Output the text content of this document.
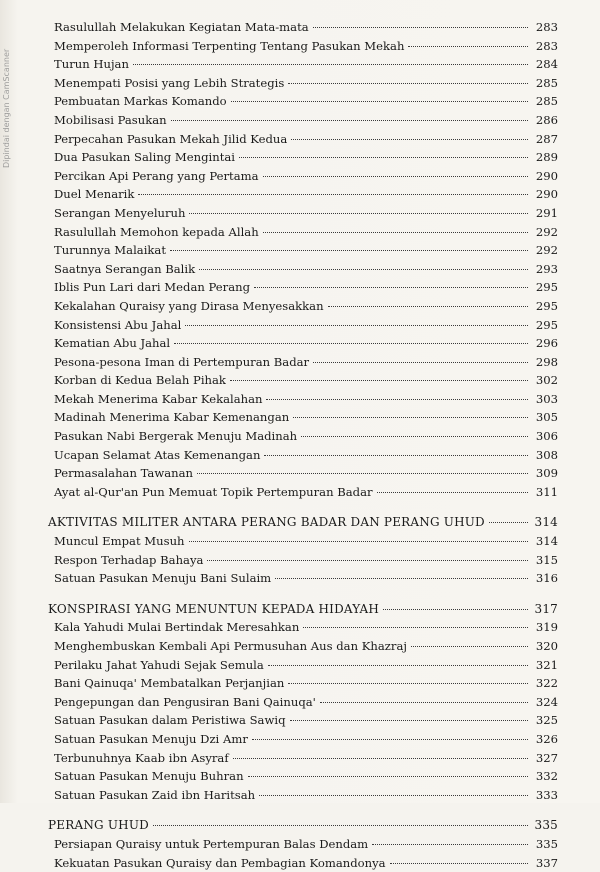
Dipindai dengan CamScanner
Rasulullah Melakukan Kegiatan Mata-mata	283
Memperoleh Informasi Terpenting Tentang Pasukan Mekah	283
Turun Hujan	284
Menempati Posisi yang Lebih Strategis	285
Pembuatan Markas Komando	285
Mobilisasi Pasukan	286
Perpecahan Pasukan Mekah Jilid Kedua	287
Dua Pasukan Saling Mengintai	289
Percikan Api Perang yang Pertama	290
Duel Menarik	290
Serangan Menyeluruh	291
Rasulullah Memohon kepada Allah	292
Turunnya Malaikat	292
Saatnya Serangan Balik	293
Iblis Pun Lari dari Medan Perang	295
Kekalahan Quraisy yang Dirasa Menyesakkan	295
Konsistensi Abu Jahal	295
Kematian Abu Jahal	296
Pesona-pesona Iman di Pertempuran Badar	298
Korban di Kedua Belah Pihak	302
Mekah Menerima Kabar Kekalahan	303
Madinah Menerima Kabar Kemenangan	305
Pasukan Nabi Bergerak Menuju Madinah	306
Ucapan Selamat Atas Kemenangan	308
Permasalahan Tawanan	309
Ayat al-Qur'an Pun Memuat Topik Pertempuran Badar	311
AKTIVITAS MILITER ANTARA PERANG BADAR DAN PERANG UHUD	314
Muncul Empat Musuh	314
Respon Terhadap Bahaya	315
Satuan Pasukan Menuju Bani Sulaim	316
KONSPIRASI YANG MENUNTUN KEPADA HIDAYAH	317
Kala Yahudi Mulai Bertindak Meresahkan	319
Menghembuskan Kembali Api Permusuhan Aus dan Khazraj	320
Perilaku Jahat Yahudi Sejak Semula	321
Bani Qainuqa' Membatalkan Perjanjian	322
Pengepungan dan Pengusiran Bani Qainuqa'	324
Satuan Pasukan dalam Peristiwa Sawiq	325
Satuan Pasukan Menuju Dzi Amr	326
Terbunuhnya Kaab ibn Asyraf	327
Satuan Pasukan Menuju Buhran	332
Satuan Pasukan Zaid ibn Haritsah	333
PERANG UHUD	335
Persiapan Quraisy untuk Pertempuran Balas Dendam	335
Kekuatan Pasukan Quraisy dan Pembagian Komandonya	337
